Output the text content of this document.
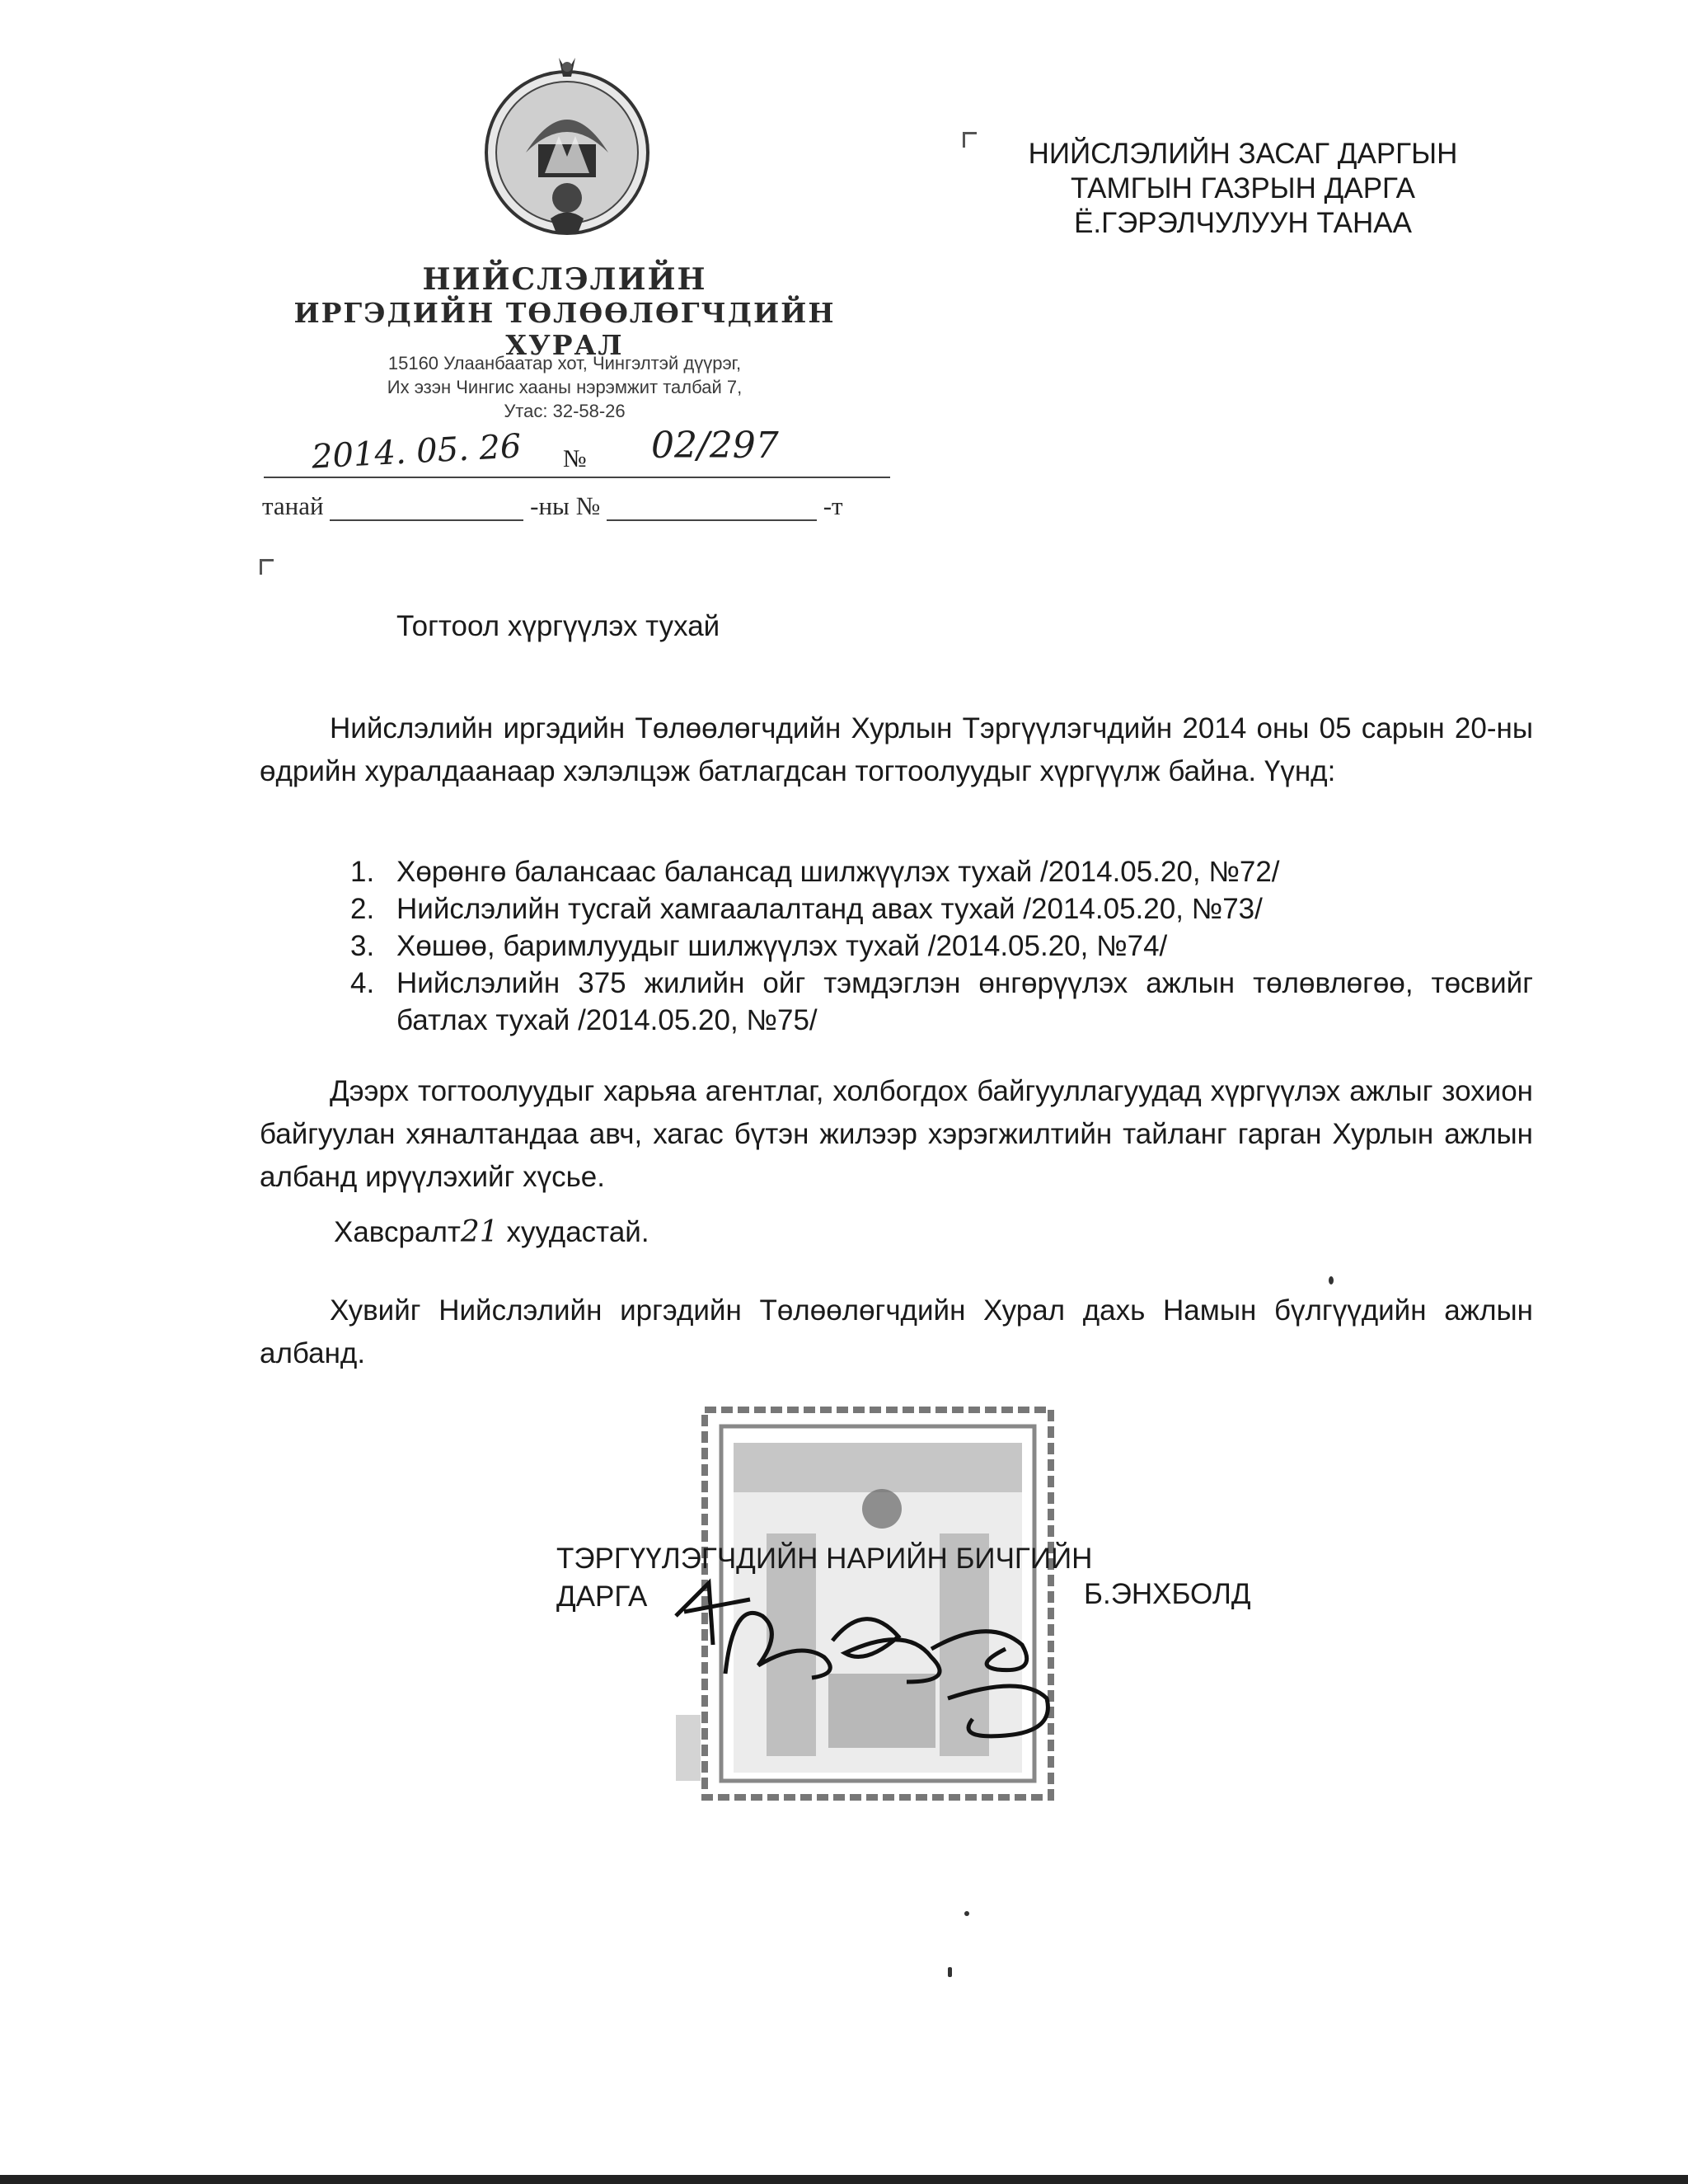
НИЙСЛЭЛИЙН
ИРГЭДИЙН ТӨЛӨӨЛӨГЧДИЙН ХУРАЛ
15160 Улаанбаатар хот, Чингэлтэй дүүрэг,
Их эзэн Чингис хааны нэрэмжит талбай 7,
Утас: 32-58-26
2014. 05. 26 № 02/297
танай	-ны №	-т
НИЙСЛЭЛИЙН ЗАСАГ ДАРГЫН
ТАМГЫН ГАЗРЫН ДАРГА
Ё.ГЭРЭЛЧУЛУУН ТАНАА
Тогтоол хүргүүлэх тухай
Нийслэлийн иргэдийн Төлөөлөгчдийн Хурлын Тэргүүлэгчдийн 2014 оны 05 сарын 20-ны өдрийн хуралдаанаар хэлэлцэж батлагдсан тогтоолуудыг хүргүүлж байна. Үүнд:
1. Хөрөнгө балансаас балансад шилжүүлэх тухай /2014.05.20, №72/
2. Нийслэлийн тусгай хамгаалалтанд авах тухай /2014.05.20, №73/
3. Хөшөө, баримлуудыг шилжүүлэх тухай /2014.05.20, №74/
4. Нийслэлийн 375 жилийн ойг тэмдэглэн өнгөрүүлэх ажлын төлөвлөгөө, төсвийг батлах тухай /2014.05.20, №75/
Дээрх тогтоолуудыг харьяа агентлаг, холбогдох байгууллагуудад хүргүүлэх ажлыг зохион байгуулан хяналтандаа авч, хагас бүтэн жилээр хэрэгжилтийн тайланг гарган Хурлын ажлын албанд ирүүлэхийг хүсье.
Хавсралт21 хуудастай.
Хувийг Нийслэлийн иргэдийн Төлөөлөгчдийн Хурал дахь Намын бүлгүүдийн ажлын албанд.
ТЭРГҮҮЛЭГЧДИЙН НАРИЙН БИЧГИЙН
ДАРГА	Б.ЭНХБОЛД
